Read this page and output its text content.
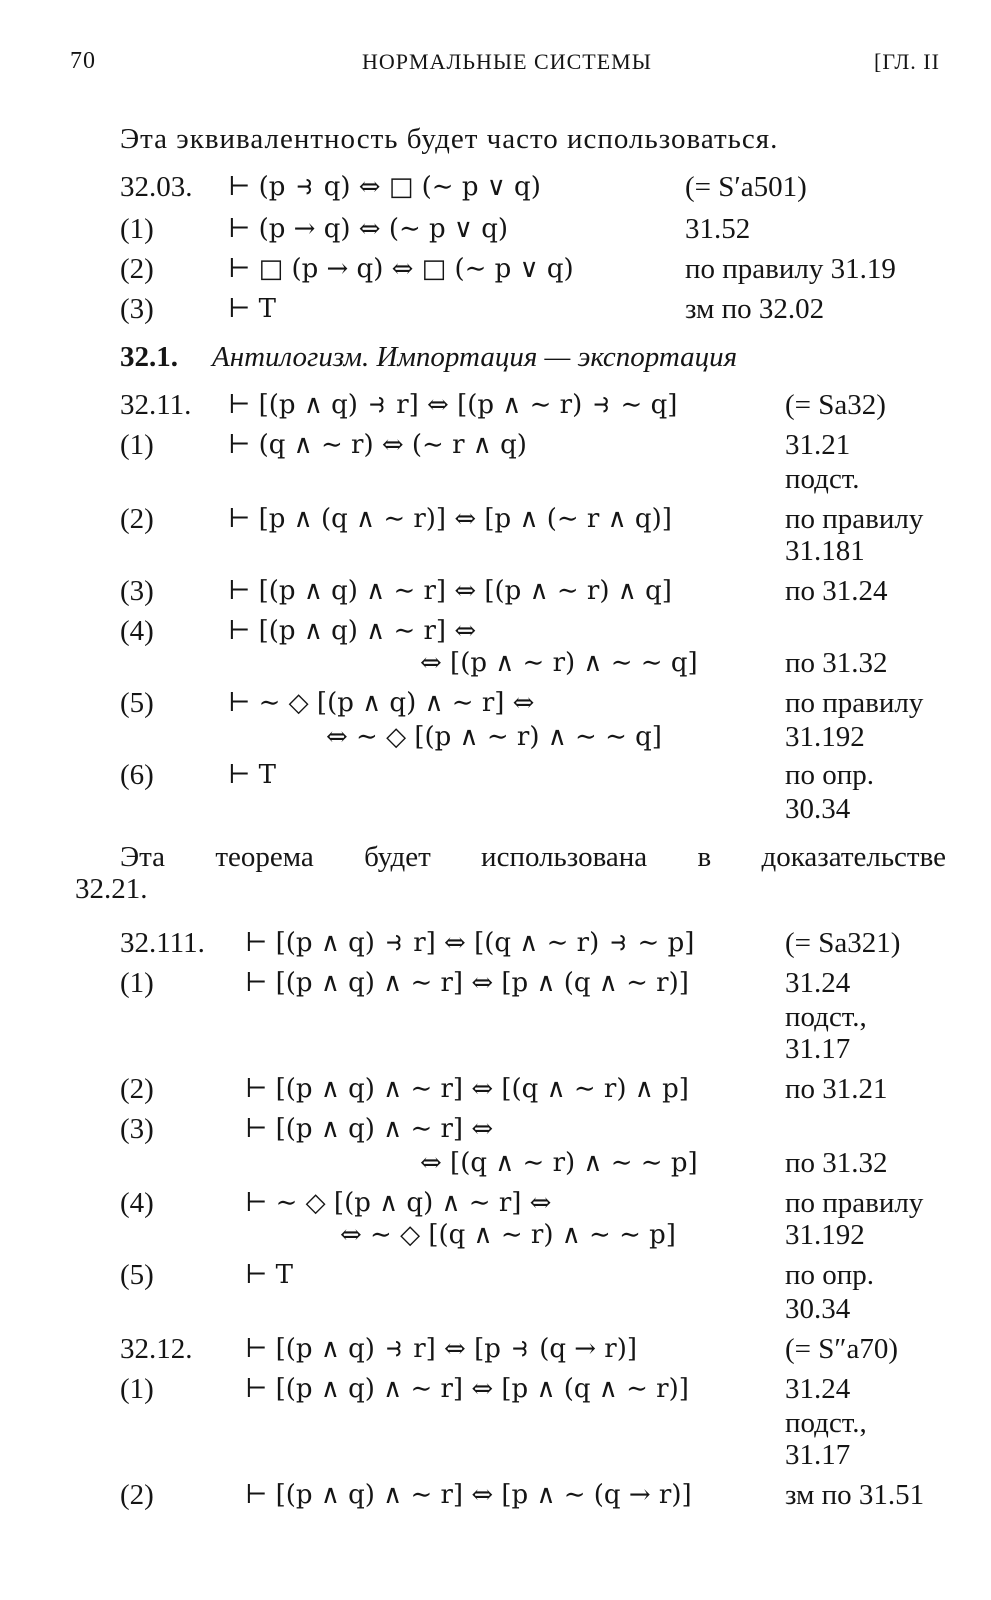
70	НОРМАЛЬНЫЕ СИСТЕМЫ	[ГЛ. II
Эта эквивалентность будет часто использоваться.
32.03. ⊢ (p ⥽ q) ⇔ □ (∼ p ∨ q)	(= S′a501)
(1)	⊢ (p → q) ⇔ (∼ p ∨ q)	31.52
(2)	⊢ □ (p → q) ⇔ □ (∼ p ∨ q)	по правилу 31.19
(3)	⊢ T	зм по 32.02
32.1. Антилогизм. Импортация — экспортация
32.11. ⊢ [(p ∧ q) ⥽ r] ⇔ [(p ∧ ∼ r) ⥽ ∼ q]	(= Sa32)
(1)	⊢ (q ∧ ∼ r) ⇔ (∼ r ∧ q)	31.21
подст.
(2)	⊢ [p ∧ (q ∧ ∼ r)] ⇔ [p ∧ (∼ r ∧ q)]	по правилу
31.181
(3)	⊢ [(p ∧ q) ∧ ∼ r] ⇔ [(p ∧ ∼ r) ∧ q]	по 31.24
(4)	⊢ [(p ∧ q) ∧ ∼ r] ⇔
⇔ [(p ∧ ∼ r) ∧ ∼ ∼ q]	по 31.32
(5)	⊢ ∼ ◇ [(p ∧ q) ∧ ∼ r] ⇔
⇔ ∼ ◇ [(p ∧ ∼ r) ∧ ∼ ∼ q]
по правилу
31.192
(6)	⊢ T	по опр.
30.34
Эта теорема будет использована в доказательстве
32.21.
32.111. ⊢ [(p ∧ q) ⥽ r] ⇔ [(q ∧ ∼ r) ⥽ ∼ p]	(= Sa321)
(1)	⊢ [(p ∧ q) ∧ ∼ r] ⇔ [p ∧ (q ∧ ∼ r)]	31.24
подст.,
31.17
(2)	⊢ [(p ∧ q) ∧ ∼ r] ⇔ [(q ∧ ∼ r) ∧ p]	по 31.21
(3)	⊢ [(p ∧ q) ∧ ∼ r] ⇔
⇔ [(q ∧ ∼ r) ∧ ∼ ∼ p]	по 31.32
(4)	⊢ ∼ ◇ [(p ∧ q) ∧ ∼ r] ⇔
⇔ ∼ ◇ [(q ∧ ∼ r) ∧ ∼ ∼ p]
по правилу
31.192
(5)	⊢ T	по опр.
30.34
32.12. ⊢ [(p ∧ q) ⥽ r] ⇔ [p ⥽ (q → r)]	(= S″a70)
(1)	⊢ [(p ∧ q) ∧ ∼ r] ⇔ [p ∧ (q ∧ ∼ r)]	31.24
подст.,
31.17
(2)	⊢ [(p ∧ q) ∧ ∼ r] ⇔ [p ∧ ∼ (q → r)]	зм по 31.51
